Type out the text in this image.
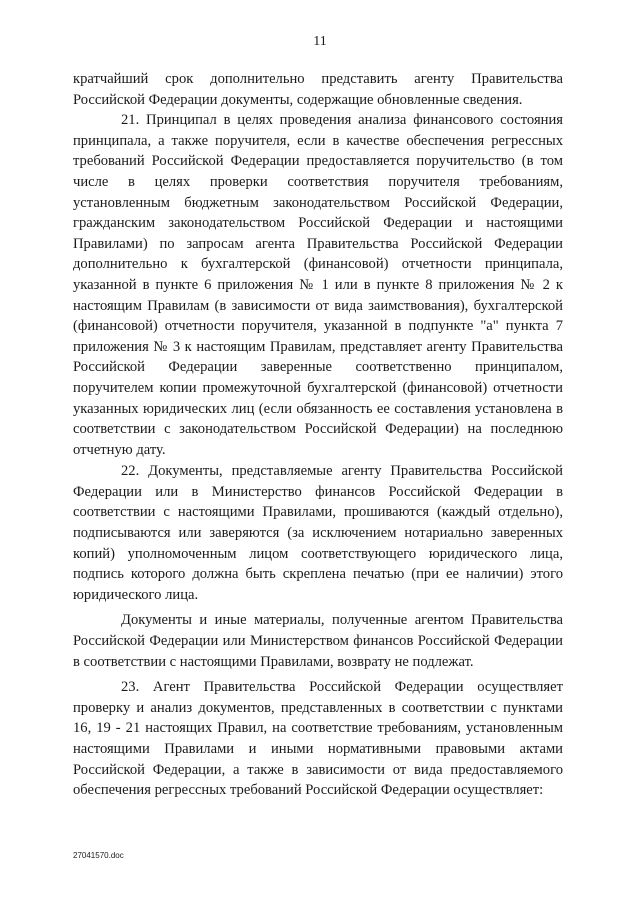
11

кратчайший срок дополнительно представить агенту Правительства Российской Федерации документы, содержащие обновленные сведения.

21. Принципал в целях проведения анализа финансового состояния принципала, а также поручителя, если в качестве обеспечения регрессных требований Российской Федерации предоставляется поручительство (в том числе в целях проверки соответствия поручителя требованиям, установленным бюджетным законодательством Российской Федерации, гражданским законодательством Российской Федерации и настоящими Правилами) по запросам агента Правительства Российской Федерации дополнительно к бухгалтерской (финансовой) отчетности принципала, указанной в пункте 6 приложения № 1 или в пункте 8 приложения № 2 к настоящим Правилам (в зависимости от вида заимствования), бухгалтерской (финансовой) отчетности поручителя, указанной в подпункте "а" пункта 7 приложения № 3 к настоящим Правилам, представляет агенту Правительства Российской Федерации заверенные соответственно принципалом, поручителем копии промежуточной бухгалтерской (финансовой) отчетности указанных юридических лиц (если обязанность ее составления установлена в соответствии с законодательством Российской Федерации) на последнюю отчетную дату.

22. Документы, представляемые агенту Правительства Российской Федерации или в Министерство финансов Российской Федерации в соответствии с настоящими Правилами, прошиваются (каждый отдельно), подписываются или заверяются (за исключением нотариально заверенных копий) уполномоченным лицом соответствующего юридического лица, подпись которого должна быть скреплена печатью (при ее наличии) этого юридического лица.

Документы и иные материалы, полученные агентом Правительства Российской Федерации или Министерством финансов Российской Федерации в соответствии с настоящими Правилами, возврату не подлежат.

23. Агент Правительства Российской Федерации осуществляет проверку и анализ документов, представленных в соответствии с пунктами 16, 19 - 21 настоящих Правил, на соответствие требованиям, установленным настоящими Правилами и иными нормативными правовыми актами Российской Федерации, а также в зависимости от вида предоставляемого обеспечения регрессных требований Российской Федерации осуществляет:

27041570.doc
